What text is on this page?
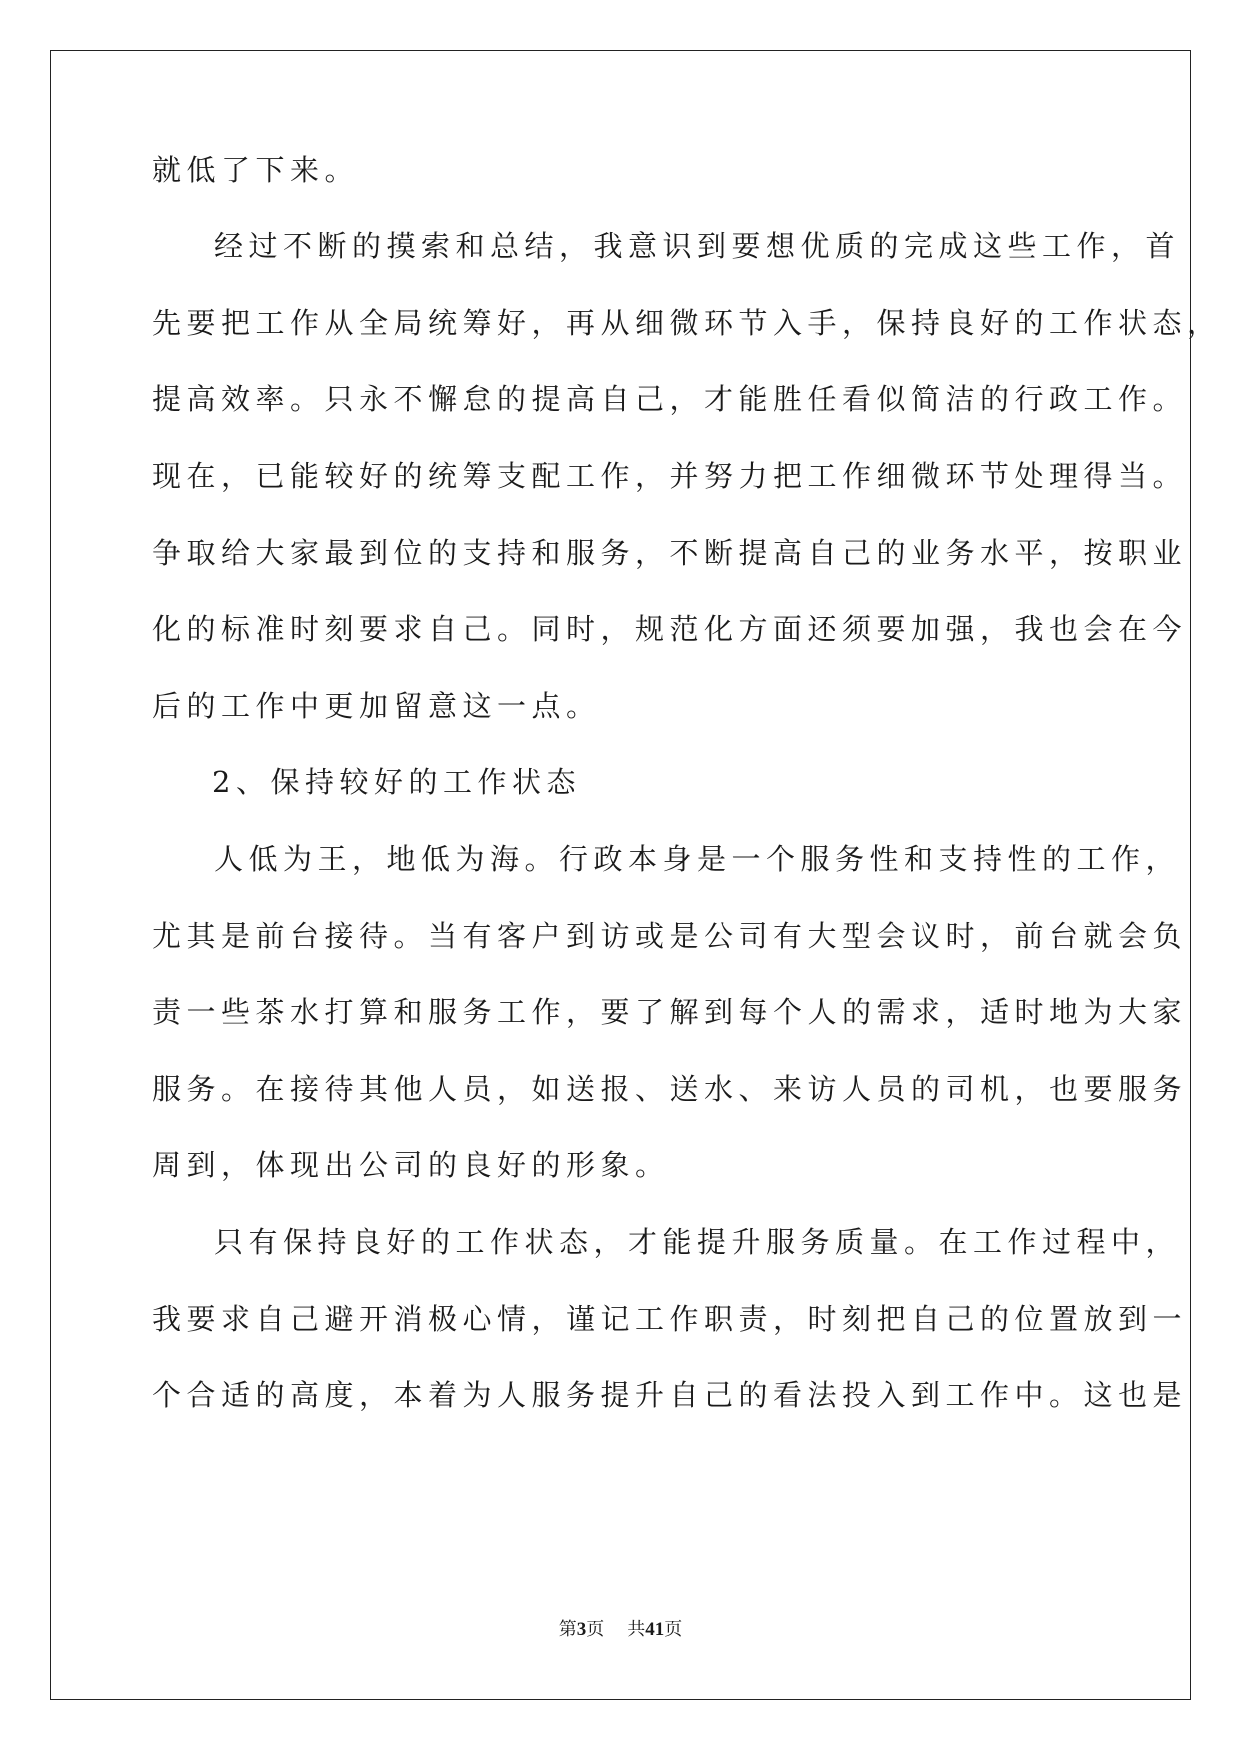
就低了下来。
经过不断的摸索和总结，我意识到要想优质的完成这些工作，首
先要把工作从全局统筹好，再从细微环节入手，保持良好的工作状态，
提高效率。只永不懈怠的提高自己，才能胜任看似简洁的行政工作。
现在，已能较好的统筹支配工作，并努力把工作细微环节处理得当。
争取给大家最到位的支持和服务，不断提高自己的业务水平，按职业
化的标准时刻要求自己。同时，规范化方面还须要加强，我也会在今
后的工作中更加留意这一点。
2、保持较好的工作状态
人低为王，地低为海。行政本身是一个服务性和支持性的工作，
尤其是前台接待。当有客户到访或是公司有大型会议时，前台就会负
责一些茶水打算和服务工作，要了解到每个人的需求，适时地为大家
服务。在接待其他人员，如送报、送水、来访人员的司机，也要服务
周到，体现出公司的良好的形象。
只有保持良好的工作状态，才能提升服务质量。在工作过程中，
我要求自己避开消极心情，谨记工作职责，时刻把自己的位置放到一
个合适的高度，本着为人服务提升自己的看法投入到工作中。这也是
第3页 共41页
